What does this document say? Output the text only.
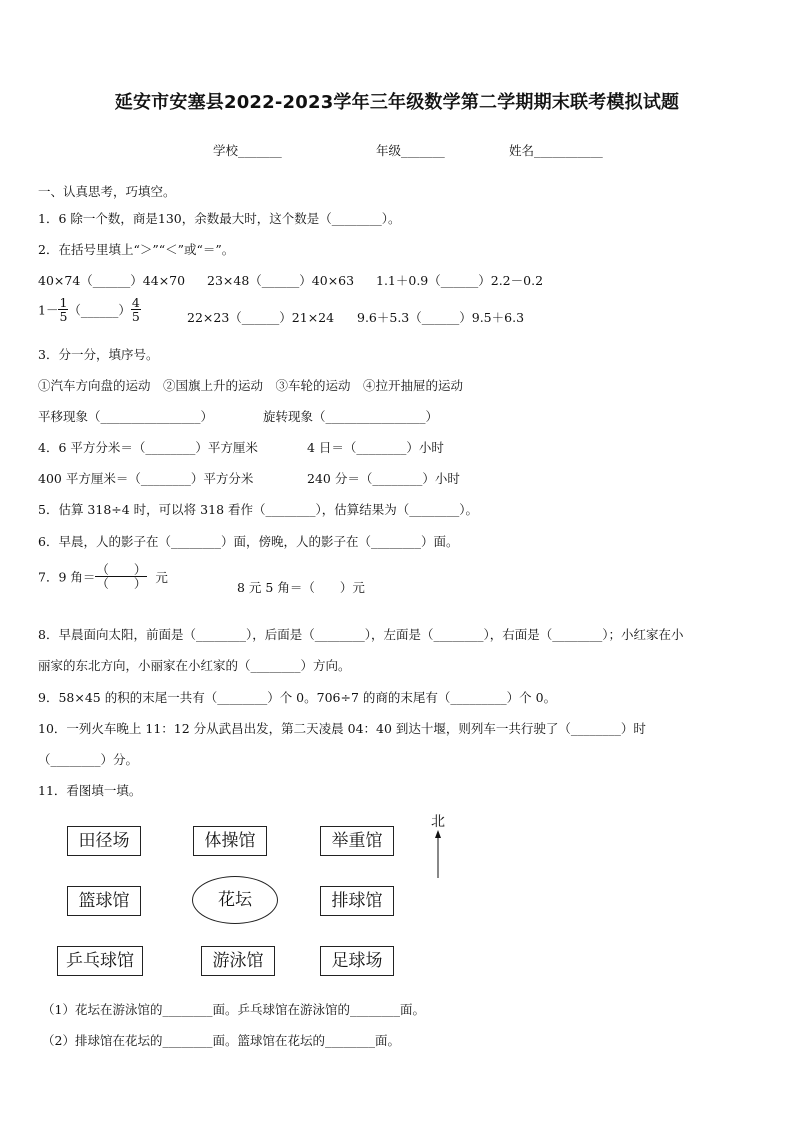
延安市安塞县2022-2023学年三年级数学第二学期期末联考模拟试题
学校_______	年级_______	姓名___________
一、认真思考，巧填空。
1．6 除一个数，商是130，余数最大时，这个数是（________）。
2．在括号里填上“＞”“＜”或“＝”。
40×74（______）44×70 23×48（______）40×63 1.1＋0.9（______）2.2－0.2
$1- \frac{1}{5}$ （______） $\frac{4}{5}$	22×23（______）21×24 9.6＋5.3（______）9.5＋6.3
3．分一分，填序号。
①汽车方向盘的运动　②国旗上升的运动　③车轮的运动　④拉开抽屉的运动
平移现象（________________）	旋转现象（________________）
4．6 平方分米＝（________）平方厘米	4 日＝（________）小时
400 平方厘米＝（________）平方分米	240 分＝（________）小时
5．估算 318÷4 时，可以将 318 看作（________），估算结果为（________）。
6．早晨，人的影子在（________）面，傍晚，人的影子在（________）面。
7．9 角＝ $\frac{( )}{( )}$ 元
8 元 5 角＝（　　）元
8．早晨面向太阳，前面是（________），后面是（________），左面是（________），右面是（________）；小红家在小
丽家的东北方向，小丽家在小红家的（________）方向。
9．58×45 的积的末尾一共有（________）个 0。706÷7 的商的末尾有（_________）个 0。
10．一列火车晚上 11：12 分从武昌出发，第二天凌晨 04：40 到达十堰，则列车一共行驶了（________）时
（________）分。
11．看图填一填。
田径场	体操馆	举重馆
篮球馆	花坛	排球馆
乒乓球馆	游泳馆	足球场
北
（1）花坛在游泳馆的________面。乒乓球馆在游泳馆的________面。
（2）排球馆在花坛的________面。篮球馆在花坛的________面。
